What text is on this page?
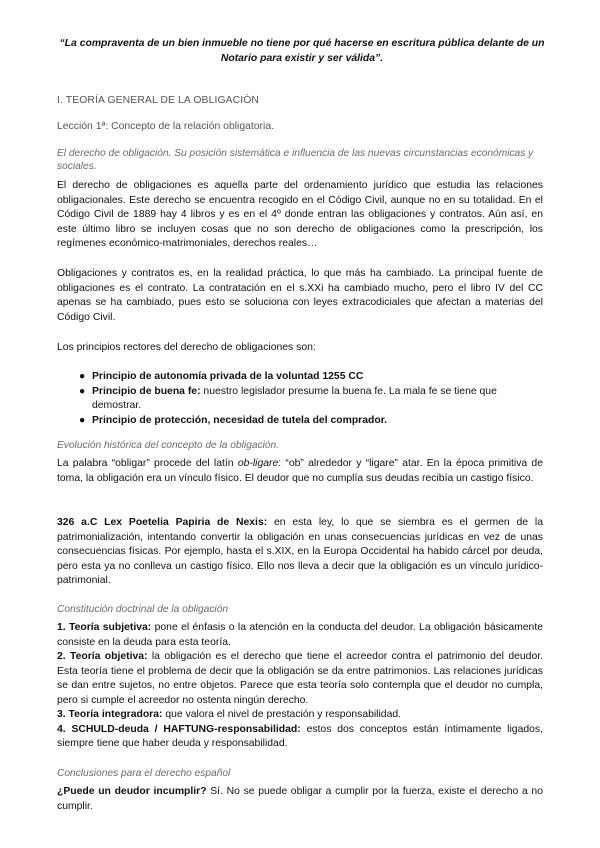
“La compraventa de un bien inmueble no tiene por qué hacerse en escritura pública delante de un Notario para existir y ser válida”.
I. TEORÍA GENERAL DE LA OBLIGACIÓN
Lección 1ª: Concepto de la relación obligatoria.
El derecho de obligación. Su posición sistemática e influencia de las nuevas circunstancias económicas y sociales.
El derecho de obligaciones es aquella parte del ordenamiento jurídico que estudia las relaciones obligacionales. Este derecho se encuentra recogido en el Código Civil, aunque no en su totalidad. En el Código Civil de 1889 hay 4 libros y es en el 4º donde entran las obligaciones y contratos. Aún así, en este último libro se incluyen cosas que no son derecho de obligaciones como la prescripción, los regímenes económico-matrimoniales, derechos reales…
Obligaciones y contratos es, en la realidad práctica, lo que más ha cambiado. La principal fuente de obligaciones es el contrato. La contratación en el s.XXi ha cambiado mucho, pero el libro IV del CC apenas se ha cambiado, pues esto se soluciona con leyes extracodiciales que afectan a materias del Código Civil.
Los principios rectores del derecho de obligaciones son:
● Principio de autonomía privada de la voluntad 1255 CC
● Principio de buena fe: nuestro legislador presume la buena fe. La mala fe se tiene que demostrar.
● Principio de protección, necesidad de tutela del comprador.
Evolución histórica del concepto de la obligación.
La palabra “obligar” procede del latín ob-ligare: “ob” alrededor y “ligare” atar. En la época primitiva de toma, la obligación era un vínculo físico. El deudor que no cumplía sus deudas recibía un castigo físico.
326 a.C Lex Poetelia Papiria de Nexis: en esta ley, lo que se siembra es el germen de la patrimonialización, intentando convertir la obligación en unas consecuencias jurídicas en vez de unas consecuencias físicas. Por ejemplo, hasta el s.XIX, en la Europa Occidental ha habido cárcel por deuda, pero esta ya no conlleva un castigo físico. Ello nos lleva a decir que la obligación es un vínculo jurídico-patrimonial.
Constitución doctrinal de la obligación
1. Teoría subjetiva: pone el énfasis o la atención en la conducta del deudor. La obligación básicamente consiste en la deuda para esta teoría.
2. Teoría objetiva: la obligación es el derecho que tiene el acreedor contra el patrimonio del deudor. Esta teoría tiene el problema de decir que la obligación se da entre patrimonios. Las relaciones jurídicas se dan entre sujetos, no entre objetos. Parece que esta teoría solo contempla que el deudor no cumpla, pero si cumple el acreedor no ostenta ningún derecho.
3. Teoría integradora: que valora el nivel de prestación y responsabilidad.
4. SCHULD-deuda / HAFTUNG-responsabilidad: estos dos conceptos están íntimamente ligados, siempre tiene que haber deuda y responsabilidad.
Conclusiones para el derecho español
¿Puede un deudor incumplir? Sí. No se puede obligar a cumplir por la fuerza, existe el derecho a no cumplir.
